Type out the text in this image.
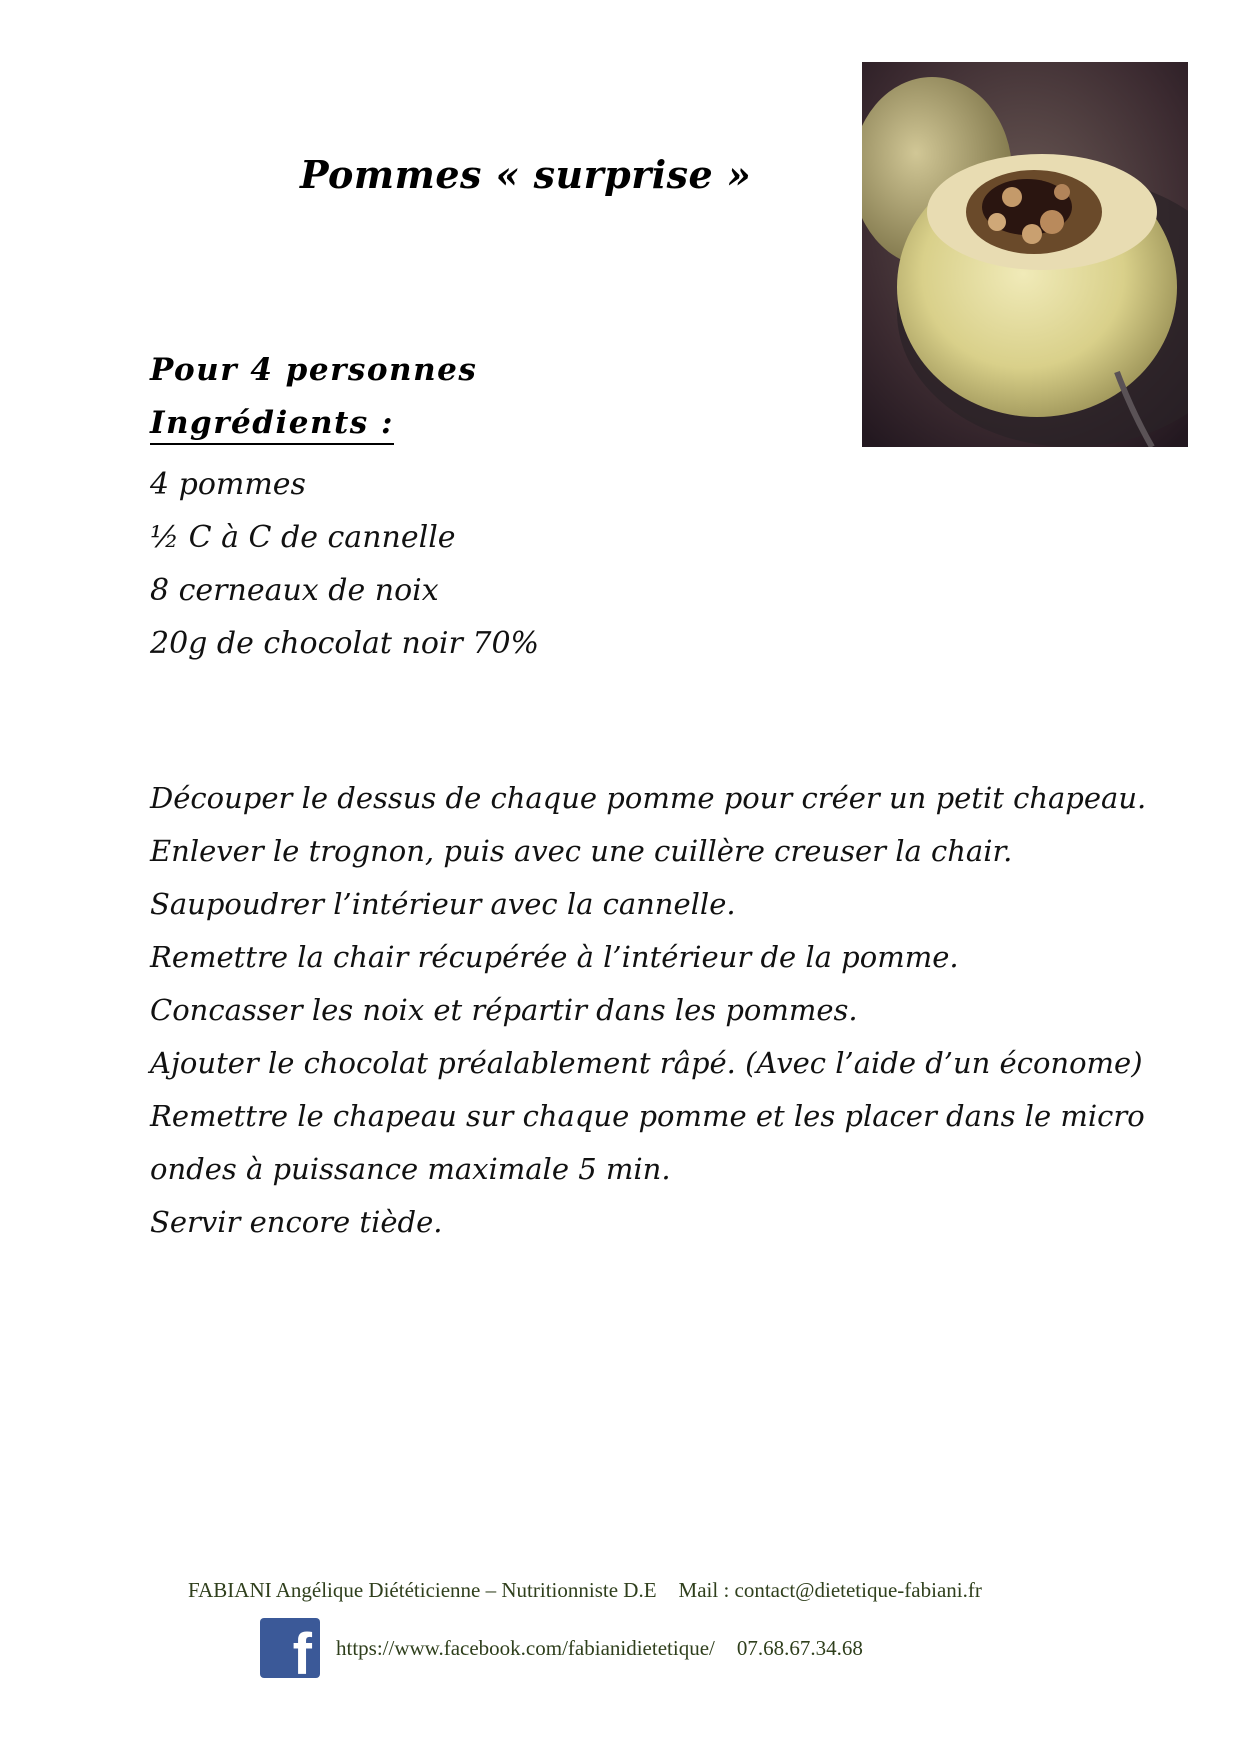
Pommes « surprise »
Pour 4 personnes
Ingrédients :
4 pommes
½ C à C de cannelle
8 cerneaux de noix
20g de chocolat noir 70%
Découper le dessus de chaque pomme pour créer un petit chapeau.
Enlever le trognon, puis avec une cuillère creuser la chair.
Saupoudrer l’intérieur avec la cannelle.
Remettre la chair récupérée à l’intérieur de la pomme.
Concasser les noix et répartir dans les pommes.
Ajouter le chocolat préalablement râpé. (Avec l’aide d’un économe)
Remettre le chapeau sur chaque pomme et les placer dans le micro
ondes à puissance maximale 5 min.
Servir encore tiède.
FABIANI Angélique Diététicienne – Nutritionniste D.E Mail : contact@dietetique-fabiani.fr
f https://www.facebook.com/fabianidietetique/ 07.68.67.34.68
